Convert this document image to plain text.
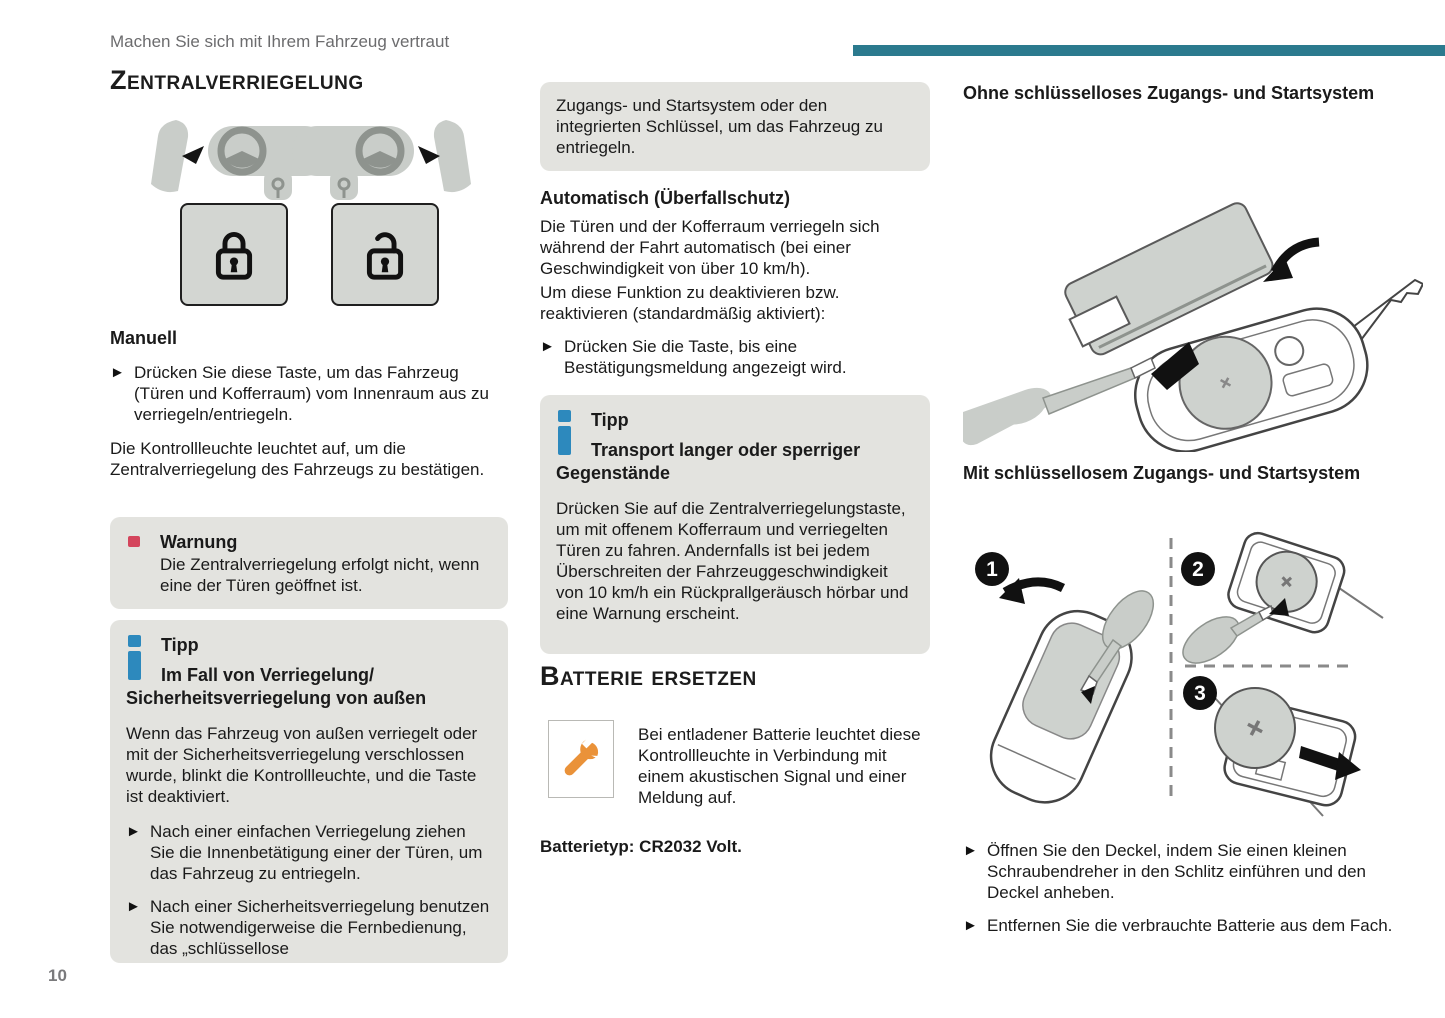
Machen Sie sich mit Ihrem Fahrzeug vertraut
10
Zentralverriegelung
Manuell
► Drücken Sie diese Taste, um das Fahrzeug (Türen und Kofferraum) vom Innenraum aus zu verriegeln/entriegeln.

Die Kontrollleuchte leuchtet auf, um die Zentralverriegelung des Fahrzeugs zu bestätigen.

Warnung

Die Zentralverriegelung erfolgt nicht, wenn eine der Türen geöffnet ist.

Tipp
Im Fall von Verriegelung/ Sicherheitsverriegelung von außen

Wenn das Fahrzeug von außen verriegelt oder mit der Sicherheitsverriegelung verschlossen wurde, blinkt die Kontrollleuchte, und die Taste ist deaktiviert.

► Nach einer einfachen Verriegelung ziehen Sie die Innenbetätigung einer der Türen, um das Fahrzeug zu entriegeln.
► Nach einer Sicherheitsverriegelung benutzen Sie notwendigerweise die Fernbedienung, das „schlüssellose

Zugangs- und Startsystem oder den integrierten Schlüssel, um das Fahrzeug zu entriegeln.

Automatisch (Überfallschutz)

Die Türen und der Kofferraum verriegeln sich während der Fahrt automatisch (bei einer Geschwindigkeit von über 10 km/h).

Um diese Funktion zu deaktivieren bzw. reaktivieren (standardmäßig aktiviert):

► Drücken Sie die Taste, bis eine Bestätigungsmeldung angezeigt wird.
Tipp
Transport langer oder sperriger Gegenstände

Drücken Sie auf die Zentralverriegelungstaste, um mit offenem Kofferraum und verriegelten Türen zu fahren. Andernfalls ist bei jedem Überschreiten der Fahrzeuggeschwindigkeit von 10 km/h ein Rückprallgeräusch hörbar und eine Warnung erscheint.

Batterie ersetzen

Bei entladener Batterie leuchtet diese Kontrollleuchte in Verbindung mit einem akustischen Signal und einer Meldung auf.

Batterietyp: CR2032 Volt.

Ohne schlüsselloses Zugangs- und Startsystem
Mit schlüssellosem Zugangs- und Startsystem
1	2
3
► Öffnen Sie den Deckel, indem Sie einen kleinen Schraubendreher in den Schlitz einführen und den Deckel anheben.
► Entfernen Sie die verbrauchte Batterie aus dem Fach.
